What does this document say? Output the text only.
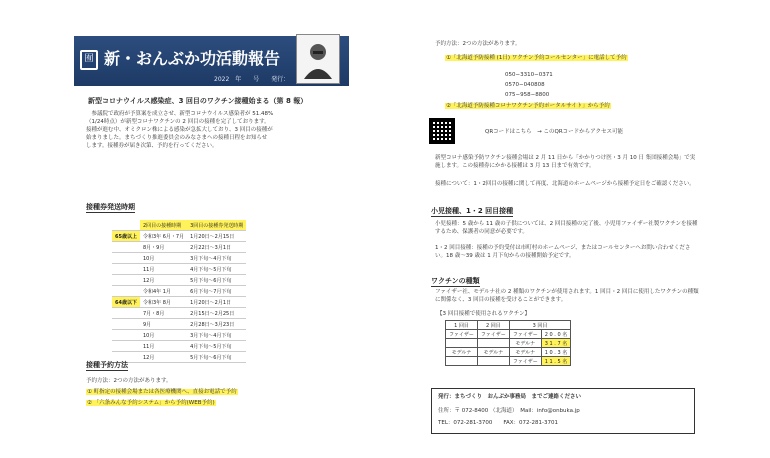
囿 新・おんぶか功活動報告
2022　年　　号　　発行：
新型コロナウイルス感染症、3 回目のワクチン接種始まる（第 8 報）
　参議院で政府が予算案を成立させ、新型コロナウイルス感染者が 51.48%
（1/24時点）が新型コロナワクチンの 2 回目の接種を完了しております。
接種が進む中、オミクロン株による感染が急拡大しており、3 回目の接種が
始まりました。まちづくり推進委員会のみなさまへの接種日程をお知らせ
します。接種券が届き次第、予約を行ってください。
接種券発送時期
	2回目の接種時期	3回目の接種券発送時期
65歳以上	令和3年 6月・7月	1月20日〜2月15日
	8月・9月	2月22日〜3月1日
	10月	3月下旬〜4月下旬
	11月	4月下旬〜5月下旬
	12月	5月下旬〜6月下旬
	令和4年 1月	6月下旬〜7月下旬
64歳以下	令和3年 8月	1月20日〜2月1日
	7月・8月	2月15日〜2月25日
	9月	2月28日〜3月23日
	10月	3月下旬〜4月下旬
	11月	4月下旬〜5月下旬
	12月	5月下旬〜6月下旬
接種予約方法
予約方法：2つの方法があります。
① 町指定の接種会場または各医療機関へ、直接お電話で予約
② 「六条みんな予約システム」から予約(WEB予約)
予約方法：2つの方法があります。
①「北海道予防接種 (1日) ワクチン予約コールセンター」に電話して予約
050−3310−0371
0570−040808
075−958−8800
②「北海道予防接種コロナワクチン予約ポータルサイト」から予約
QRコードはこちら　→ このQRコードからアクセス可能
新型コロナ感染予防ワクチン接種会場は 2 月 11 日から「かかりつけ医・3 月 10 日 集団接種会場」で実施します。この接種券にかかる接種は 3 月 13 日まで有効です。
接種について：1・2回目の接種に関して再度、北海道のホームページから接種予定日をご確認ください。
小児接種、1・2 回目接種
小児接種：5 歳から 11 歳の子供については、2 回目接種の完了後、小児用ファイザー社製ワクチンを接種するため、保護者の同意が必要です。
1・2 回目接種：接種の予約受付は市町村のホームページ、またはコールセンターへお問い合わせください。18 歳〜39 歳は 1 月下旬からの接種開始予定です。
ワクチンの種類
ファイザー社、モデルナ社の 2 種類のワクチンが使用されます。1 回目・2 回目に使用したワクチンの種類に関係なく、3 回目の接種を受けることができます。
【3 回目接種で使用されるワクチン】
1 回目	2 回目	3 回目	
ファイザー	ファイザー	ファイザー	2 0 . 0 名
		モデルナ	3 1 . 7 名
モデルナ	モデルナ	モデルナ	1 0 . 3 名
		ファイザー	1 1 . 5 名
発行：まちづくり　おんぶか事務局　までご連絡ください
住所：〒 072-8400 （北海道）　Mail：info@onbuka.jp
TEL：072-281-3700　　FAX：072-281-3701
